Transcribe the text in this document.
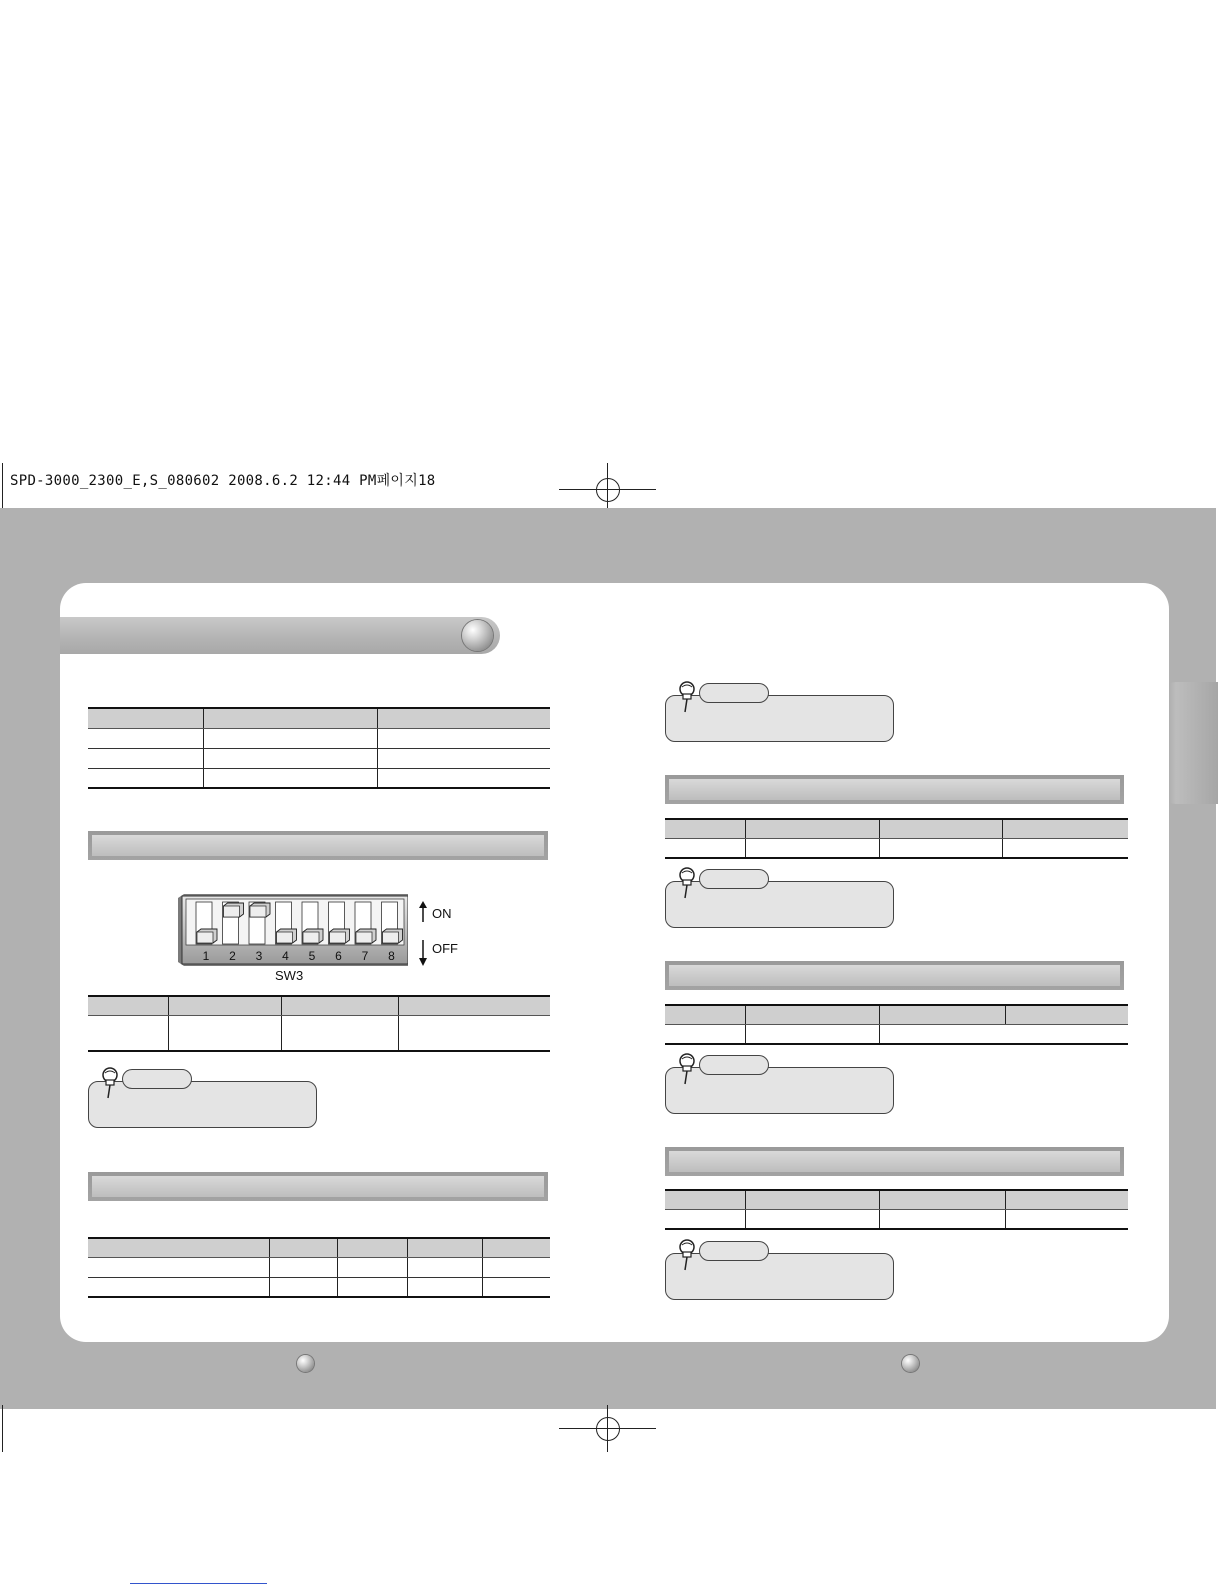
SPD-3000_2300_E,S_080602 2008.6.2 12:44 PM페이지18

1 2 3 4 5 6 7 8
SW3
ON
OFF
